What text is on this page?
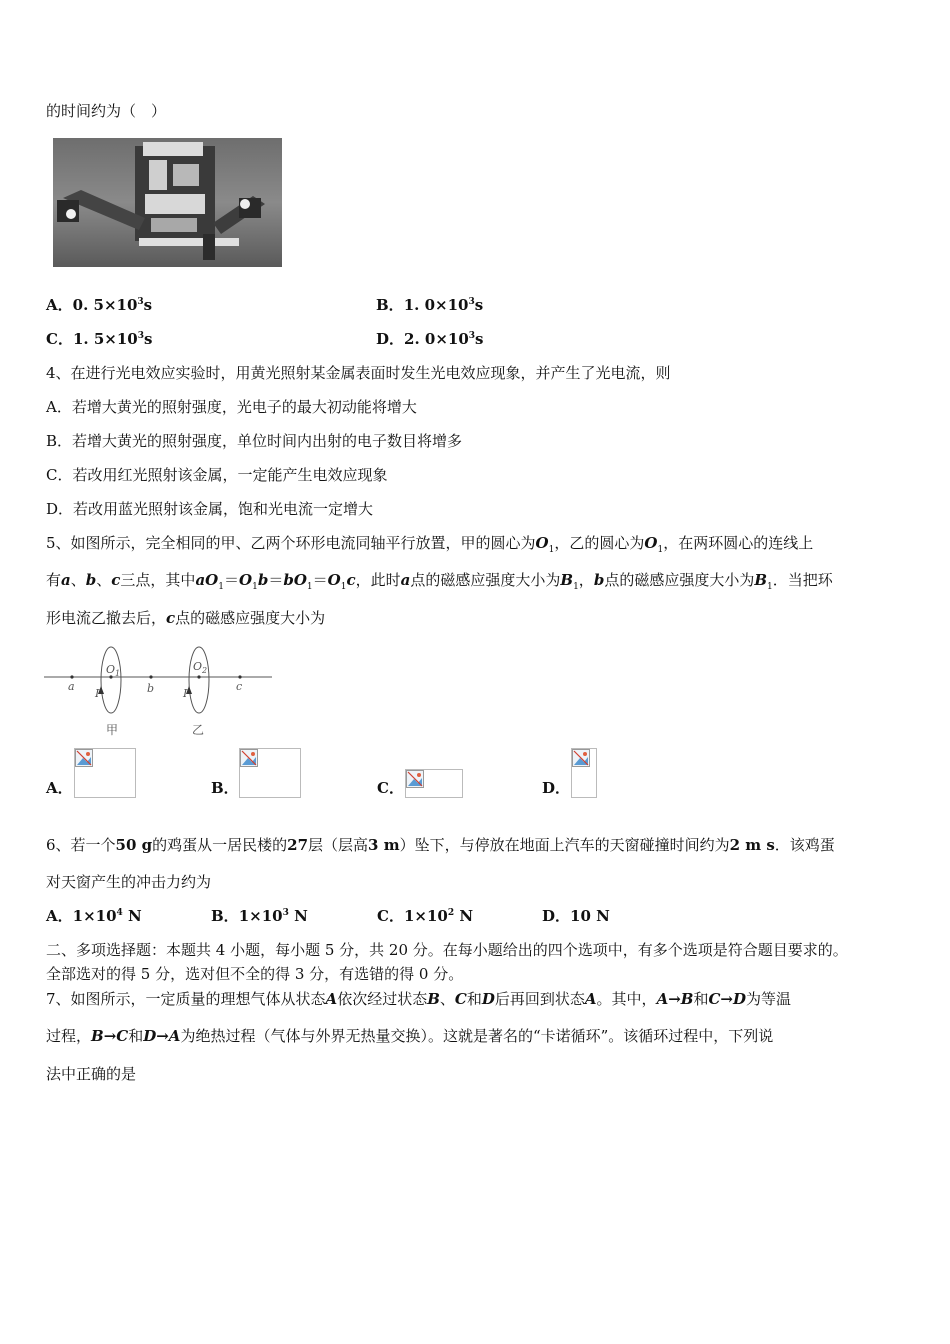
的时间约为（　）
A．0. $5\times 10^3s$	B．1. $0\times 10^3s$
C．1. $5\times 10^3s$	D．2. $0\times 10^3s$
4、在进行光电效应实验时，用黄光照射某金属表面时发生光电效应现象，并产生了光电流，则
A．若增大黄光的照射强度，光电子的最大初动能将增大
B．若增大黄光的照射强度，单位时间内出射的电子数目将增多
C．若改用红光照射该金属，一定能产生电效应现象
D．若改用蓝光照射该金属，饱和光电流一定增大
5、如图所示，完全相同的甲、乙两个环形电流同轴平行放置，甲的圆心为$O_1$，乙的圆心为$O_1$，在两环圆心的连线上
有a、b、c三点，其中$aO_1=O_1b=bO_1=O_1c$，此时a点的磁感应强度大小为$B_1$，b点的磁感应强度大小为$B_1$．当把环
形电流乙撤去后，c点的磁感应强度大小为
a	b	c
I	I
$O_1$
$O_2$
甲	乙
A．	B．	C．	D．
6、若一个50 g的鸡蛋从一居民楼的27层（层高3 m）坠下，与停放在地面上汽车的天窗碰撞时间约为2 m s．该鸡蛋
对天窗产生的冲击力约为
A．$1\times 10^4$ N	B．$1\times 10^3$ N	C．$1\times 10^2$ N	D．10 N
二、多项选择题：本题共 4 小题，每小题 5 分，共 20 分。在每小题给出的四个选项中，有多个选项是符合题目要求的。
全部选对的得 5 分，选对但不全的得 3 分，有选错的得 0 分。
7、如图所示，一定质量的理想气体从状态A依次经过状态B、C和D后再回到状态A。其中，A→B和C→D为等温
过程，B→C和D→A为绝热过程（气体与外界无热量交换）。这就是著名的“卡诺循环”。该循环过程中，下列说
法中正确的是
